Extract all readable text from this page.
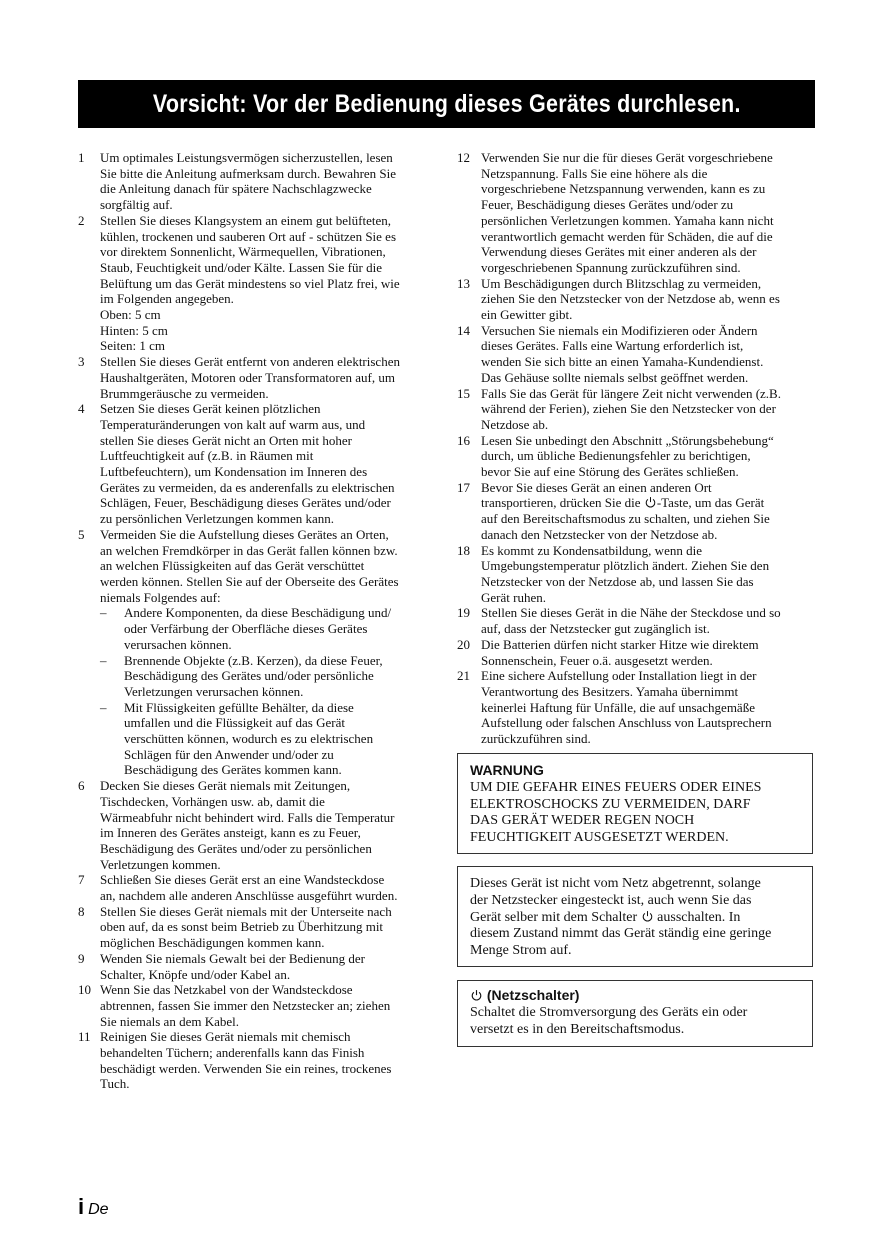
Vorsicht: Vor der Bedienung dieses Gerätes durchlesen.
1	Um optimales Leistungsvermögen sicherzustellen, lesen
Sie bitte die Anleitung aufmerksam durch. Bewahren Sie
die Anleitung danach für spätere Nachschlagzwecke
sorgfältig auf.
2	Stellen Sie dieses Klangsystem an einem gut belüfteten,
kühlen, trockenen und sauberen Ort auf - schützen Sie es
vor direktem Sonnenlicht, Wärmequellen, Vibrationen,
Staub, Feuchtigkeit und/oder Kälte. Lassen Sie für die
Belüftung um das Gerät mindestens so viel Platz frei, wie
im Folgenden angegeben.
Oben: 5 cm
Hinten: 5 cm
Seiten: 1 cm
3	Stellen Sie dieses Gerät entfernt von anderen elektrischen
Haushaltgeräten, Motoren oder Transformatoren auf, um
Brummgeräusche zu vermeiden.
4	Setzen Sie dieses Gerät keinen plötzlichen
Temperaturänderungen von kalt auf warm aus, und
stellen Sie dieses Gerät nicht an Orten mit hoher
Luftfeuchtigkeit auf (z.B. in Räumen mit
Luftbefeuchtern), um Kondensation im Inneren des
Gerätes zu vermeiden, da es anderenfalls zu elektrischen
Schlägen, Feuer, Beschädigung dieses Gerätes und/oder
zu persönlichen Verletzungen kommen kann.
5	Vermeiden Sie die Aufstellung dieses Gerätes an Orten,
an welchen Fremdkörper in das Gerät fallen können bzw.
an welchen Flüssigkeiten auf das Gerät verschüttet
werden können. Stellen Sie auf der Oberseite des Gerätes
niemals Folgendes auf:
–	Andere Komponenten, da diese Beschädigung und/
oder Verfärbung der Oberfläche dieses Gerätes
verursachen können.
–	Brennende Objekte (z.B. Kerzen), da diese Feuer,
Beschädigung des Gerätes und/oder persönliche
Verletzungen verursachen können.
–	Mit Flüssigkeiten gefüllte Behälter, da diese
umfallen und die Flüssigkeit auf das Gerät
verschütten können, wodurch es zu elektrischen
Schlägen für den Anwender und/oder zu
Beschädigung des Gerätes kommen kann.
6	Decken Sie dieses Gerät niemals mit Zeitungen,
Tischdecken, Vorhängen usw. ab, damit die
Wärmeabfuhr nicht behindert wird. Falls die Temperatur
im Inneren des Gerätes ansteigt, kann es zu Feuer,
Beschädigung des Gerätes und/oder zu persönlichen
Verletzungen kommen.
7	Schließen Sie dieses Gerät erst an eine Wandsteckdose
an, nachdem alle anderen Anschlüsse ausgeführt wurden.
8	Stellen Sie dieses Gerät niemals mit der Unterseite nach
oben auf, da es sonst beim Betrieb zu Überhitzung mit
möglichen Beschädigungen kommen kann.
9	Wenden Sie niemals Gewalt bei der Bedienung der
Schalter, Knöpfe und/oder Kabel an.
10 Wenn Sie das Netzkabel von der Wandsteckdose
abtrennen, fassen Sie immer den Netzstecker an; ziehen
Sie niemals an dem Kabel.
11 Reinigen Sie dieses Gerät niemals mit chemisch
behandelten Tüchern; anderenfalls kann das Finish
beschädigt werden. Verwenden Sie ein reines, trockenes
Tuch.
12 Verwenden Sie nur die für dieses Gerät vorgeschriebene
Netzspannung. Falls Sie eine höhere als die
vorgeschriebene Netzspannung verwenden, kann es zu
Feuer, Beschädigung dieses Gerätes und/oder zu
persönlichen Verletzungen kommen. Yamaha kann nicht
verantwortlich gemacht werden für Schäden, die auf die
Verwendung dieses Gerätes mit einer anderen als der
vorgeschriebenen Spannung zurückzuführen sind.
13 Um Beschädigungen durch Blitzschlag zu vermeiden,
ziehen Sie den Netzstecker von der Netzdose ab, wenn es
ein Gewitter gibt.
14 Versuchen Sie niemals ein Modifizieren oder Ändern
dieses Gerätes. Falls eine Wartung erforderlich ist,
wenden Sie sich bitte an einen Yamaha-Kundendienst.
Das Gehäuse sollte niemals selbst geöffnet werden.
15 Falls Sie das Gerät für längere Zeit nicht verwenden (z.B.
während der Ferien), ziehen Sie den Netzstecker von der
Netzdose ab.
16 Lesen Sie unbedingt den Abschnitt „Störungsbehebung“
durch, um übliche Bedienungsfehler zu berichtigen,
bevor Sie auf eine Störung des Gerätes schließen.
17 Bevor Sie dieses Gerät an einen anderen Ort
transportieren, drücken Sie die -Taste, um das Gerät
auf den Bereitschaftsmodus zu schalten, und ziehen Sie
danach den Netzstecker von der Netzdose ab.
18 Es kommt zu Kondensatbildung, wenn die
Umgebungstemperatur plötzlich ändert. Ziehen Sie den
Netzstecker von der Netzdose ab, und lassen Sie das
Gerät ruhen.
19 Stellen Sie dieses Gerät in die Nähe der Steckdose und so
auf, dass der Netzstecker gut zugänglich ist.
20 Die Batterien dürfen nicht starker Hitze wie direktem
Sonnenschein, Feuer o.ä. ausgesetzt werden.
21 Eine sichere Aufstellung oder Installation liegt in der
Verantwortung des Besitzers. Yamaha übernimmt
keinerlei Haftung für Unfälle, die auf unsachgemäße
Aufstellung oder falschen Anschluss von Lautsprechern
zurückzuführen sind.
WARNUNG
UM DIE GEFAHR EINES FEUERS ODER EINES
ELEKTROSCHOCKS ZU VERMEIDEN, DARF
DAS GERÄT WEDER REGEN NOCH
FEUCHTIGKEIT AUSGESETZT WERDEN.
Dieses Gerät ist nicht vom Netz abgetrennt, solange
der Netzstecker eingesteckt ist, auch wenn Sie das
Gerät selber mit dem Schalter  ausschalten. In
diesem Zustand nimmt das Gerät ständig eine geringe
Menge Strom auf.
(Netzschalter)
Schaltet die Stromversorgung des Geräts ein oder
versetzt es in den Bereitschaftsmodus.
i De
